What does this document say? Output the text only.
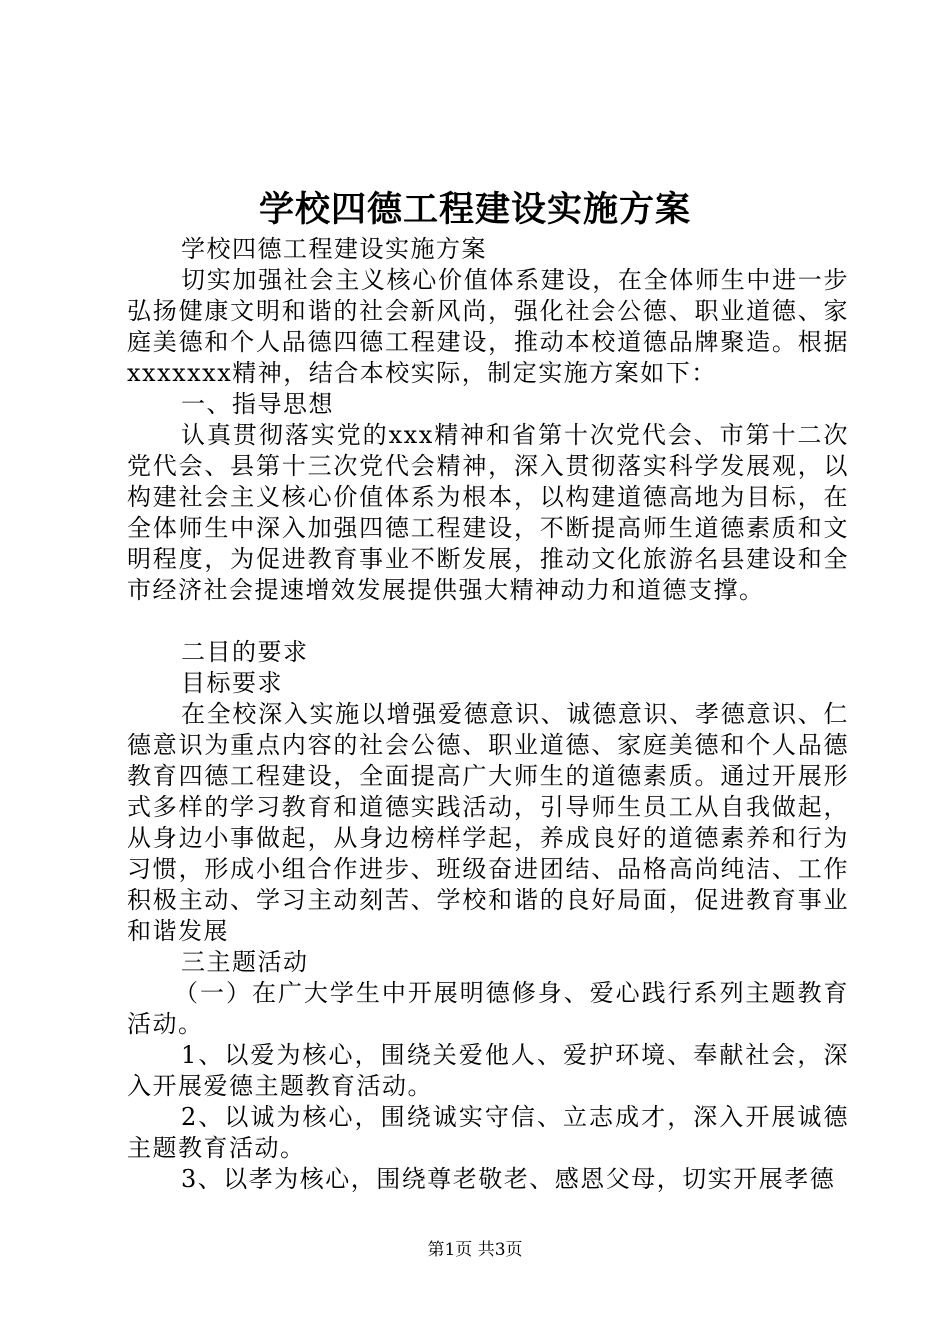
学校四德工程建设实施方案

学校四德工程建设实施方案

切实加强社会主义核心价值体系建设，在全体师生中进一步弘扬健康文明和谐的社会新风尚，强化社会公德、职业道德、家庭美德和个人品德四德工程建设，推动本校道德品牌聚造。根据xxxxxxx精神，结合本校实际，制定实施方案如下：

一、指导思想

认真贯彻落实党的xxx精神和省第十次党代会、市第十二次党代会、县第十三次党代会精神，深入贯彻落实科学发展观，以构建社会主义核心价值体系为根本，以构建道德高地为目标，在全体师生中深入加强四德工程建设，不断提高师生道德素质和文明程度，为促进教育事业不断发展，推动文化旅游名县建设和全市经济社会提速增效发展提供强大精神动力和道德支撑。

二目的要求

目标要求

在全校深入实施以增强爱德意识、诚德意识、孝德意识、仁德意识为重点内容的社会公德、职业道德、家庭美德和个人品德教育四德工程建设，全面提高广大师生的道德素质。通过开展形式多样的学习教育和道德实践活动，引导师生员工从自我做起，从身边小事做起，从身边榜样学起，养成良好的道德素养和行为习惯，形成小组合作进步、班级奋进团结、品格高尚纯洁、工作积极主动、学习主动刻苦、学校和谐的良好局面，促进教育事业和谐发展

三主题活动

（一）在广大学生中开展明德修身、爱心践行系列主题教育活动。

1、以爱为核心，围绕关爱他人、爱护环境、奉献社会，深入开展爱德主题教育活动。

2、以诚为核心，围绕诚实守信、立志成才，深入开展诚德主题教育活动。

3、以孝为核心，围绕尊老敬老、感恩父母，切实开展孝德

第1页 共3页
